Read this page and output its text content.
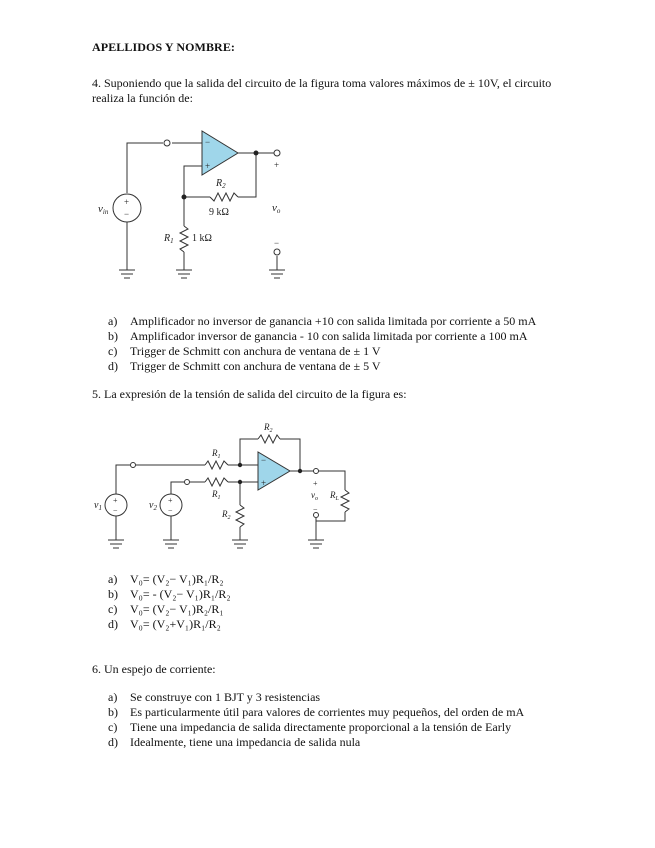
APELLIDOS Y NOMBRE:
4. Suponiendo que la salida del circuito de la figura toma valores máximos de ± 10V, el circuito realiza la función de:
−
+
+
−
vin
$R_2$
9 kΩ
$R_1$ 1 kΩ
vo
+
−
−
+
+
−
+
−
$v_1$	$v_2$
$R_1$
$R_1$
$R_2$
$R_2$
$R_L$
$v_o$
+
−
a) Amplificador no inversor de ganancia +10 con salida limitada por corriente a 50 mA
b) Amplificador inversor de ganancia - 10 con salida limitada por corriente a 100 mA
c) Trigger de Schmitt con anchura de ventana de ± 1 V
d) Trigger de Schmitt con anchura de ventana de ± 5 V
5. La expresión de la tensión de salida del circuito de la figura es:
a) V₀= (V₂− V₁)R₁/R₂
b) V₀= - (V₂− V₁)R₁/R₂
c) V₀= (V₂− V₁)R₂/R₁
d) V₀= (V₂+V₁)R₁/R₂
6. Un espejo de corriente:
a) Se construye con 1 BJT y 3 resistencias
b) Es particularmente útil para valores de corrientes muy pequeños, del orden de mA
c) Tiene una impedancia de salida directamente proporcional a la tensión de Early
d) Idealmente, tiene una impedancia de salida nula
